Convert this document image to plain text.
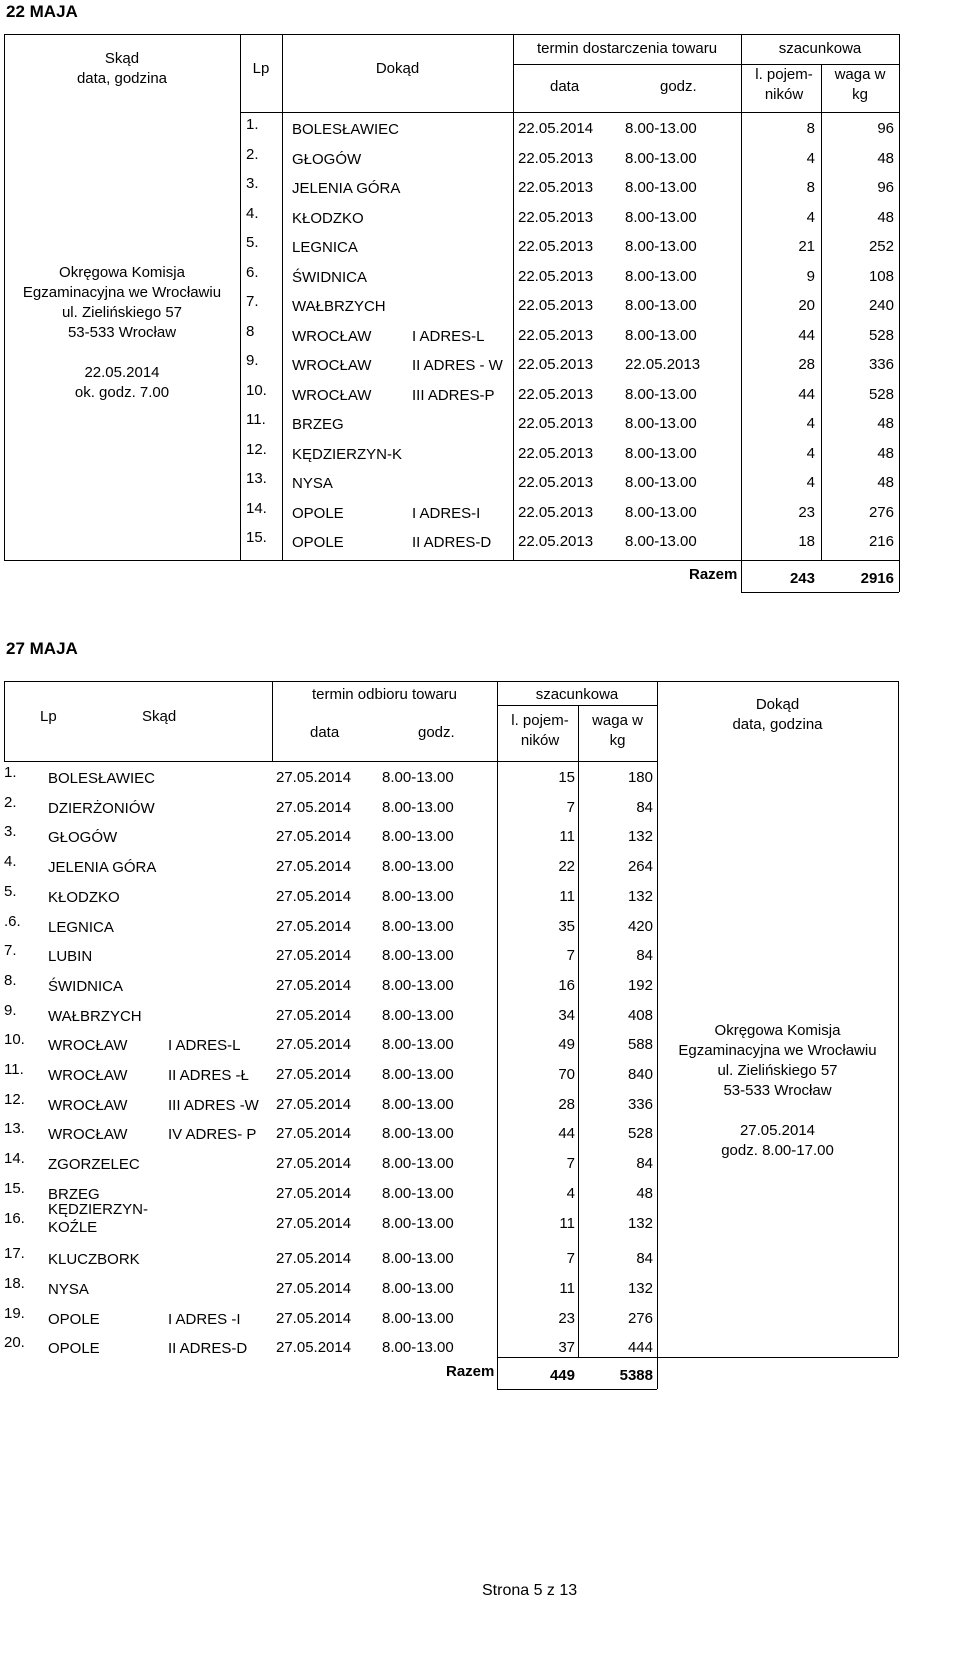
22 MAJA
Skąd
data, godzina
Lp	Dokąd
termin dostarczenia towaru
data	godz.
szacunkowa
l. pojem-
ników
waga w
kg
Okręgowa Komisja
Egzaminacyjna we Wrocławiu
ul. Zielińskiego 57
53-533 Wrocław
22.05.2014
ok. godz. 7.00
1. BOLESŁAWIEC	22.05.2014 8.00-13.00	8	96
2. GŁOGÓW	22.05.2013 8.00-13.00	4	48
3. JELENIA GÓRA	22.05.2013 8.00-13.00	8	96
4. KŁODZKO	22.05.2013 8.00-13.00	4	48
5. LEGNICA	22.05.2013 8.00-13.00	21	252
6. ŚWIDNICA	22.05.2013 8.00-13.00	9	108
7. WAŁBRZYCH	22.05.2013 8.00-13.00	20	240
8	WROCŁAW	I ADRES-L 22.05.2013 8.00-13.00	44	528
9. WROCŁAW	II ADRES - W 22.05.2013 22.05.2013	28	336
10. WROCŁAW	III ADRES-P 22.05.2013 8.00-13.00	44	528
11. BRZEG	22.05.2013 8.00-13.00	4	48
12. KĘDZIERZYN-K	22.05.2013 8.00-13.00	4	48
13. NYSA	22.05.2013 8.00-13.00	4	48
14. OPOLE	I ADRES-I	22.05.2013 8.00-13.00	23	276
15. OPOLE	II ADRES-D 22.05.2013 8.00-13.00	18	216
Razem	243	2916
27 MAJA
Lp	Skąd
termin odbioru towaru
data	godz.
szacunkowa
l. pojem-
ników
waga w
kg
Dokąd
data, godzina
Okręgowa Komisja
Egzaminacyjna we Wrocławiu
ul. Zielińskiego 57
53-533 Wrocław
27.05.2014
godz. 8.00-17.00
1. BOLESŁAWIEC	27.05.2014 8.00-13.00	15	180
2. DZIERŻONIÓW	27.05.2014 8.00-13.00	7	84
3. GŁOGÓW	27.05.2014 8.00-13.00	11	132
4. JELENIA GÓRA	27.05.2014 8.00-13.00	22	264
5. KŁODZKO	27.05.2014 8.00-13.00	11	132
.6. LEGNICA	27.05.2014 8.00-13.00	35	420
7. LUBIN	27.05.2014 8.00-13.00	7	84
8. ŚWIDNICA	27.05.2014 8.00-13.00	16	192
9. WAŁBRZYCH	27.05.2014 8.00-13.00	34	408
10. WROCŁAW	I ADRES-L 27.05.2014 8.00-13.00	49	588
11. WROCŁAW	II ADRES -Ł 27.05.2014 8.00-13.00	70	840
12. WROCŁAW	III ADRES -W 27.05.2014 8.00-13.00	28	336
13. WROCŁAW	IV ADRES- P 27.05.2014 8.00-13.00	44	528
14. ZGORZELEC	27.05.2014 8.00-13.00	7	84
15. BRZEG	27.05.2014 8.00-13.00	4	48
16.
KĘDZIERZYN-
KOŹLE	27.05.2014 8.00-13.00	11	132
17. KLUCZBORK	27.05.2014 8.00-13.00	7	84
18. NYSA	27.05.2014 8.00-13.00	11	132
19. OPOLE	I ADRES -I 27.05.2014 8.00-13.00	23	276
20. OPOLE	II ADRES-D 27.05.2014 8.00-13.00	37	444
Razem	449	5388
Strona 5 z 13
